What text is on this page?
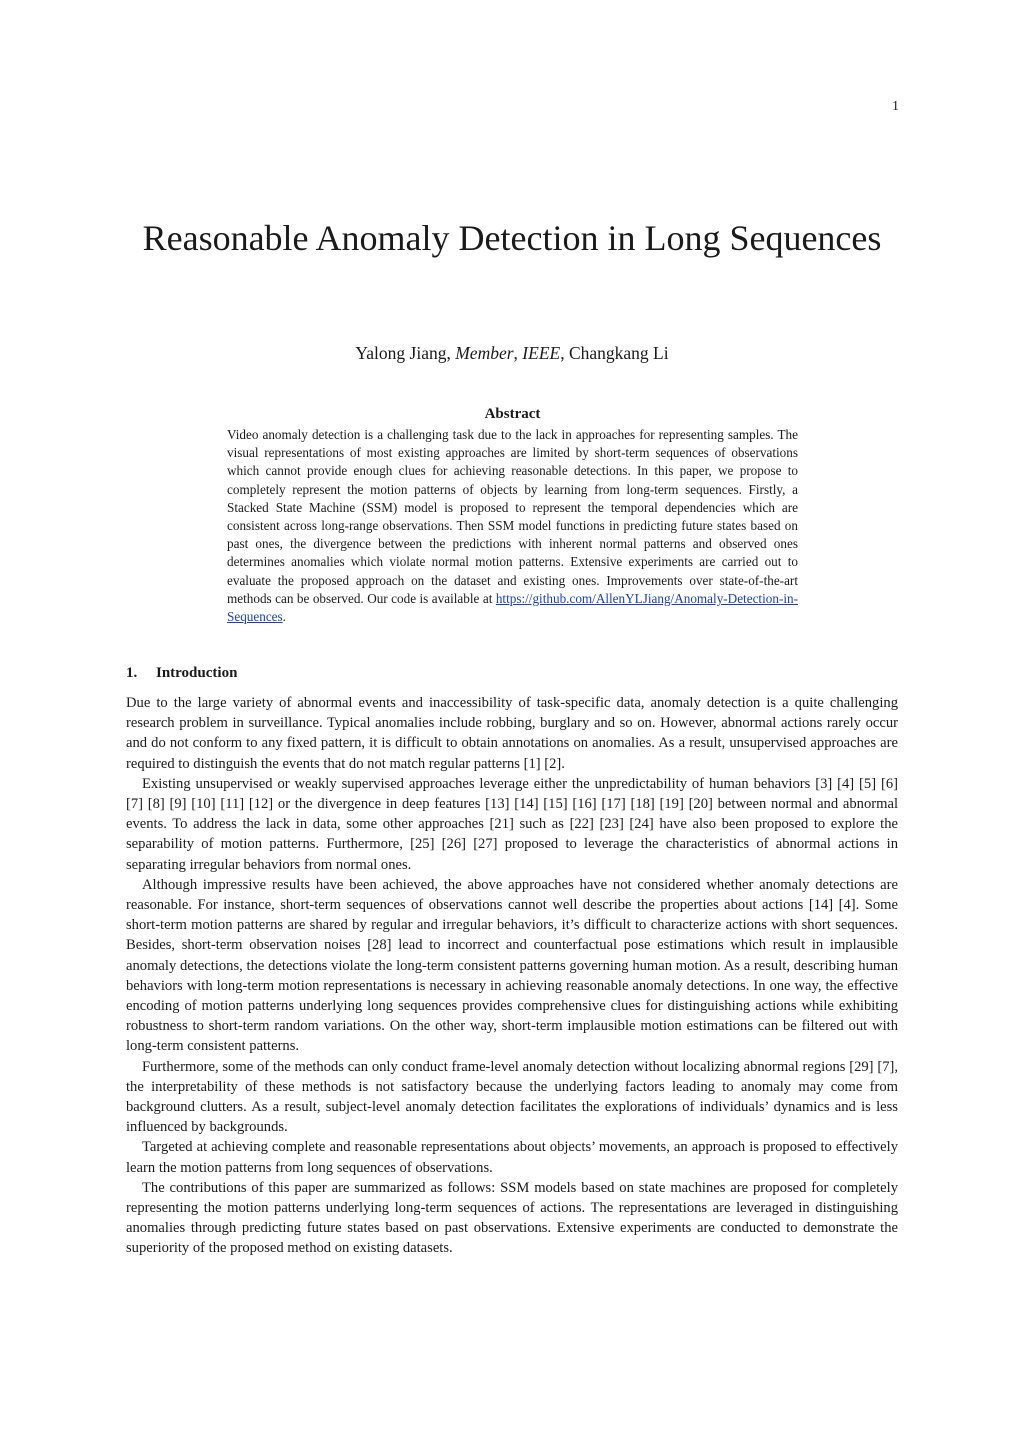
1
Reasonable Anomaly Detection in Long Sequences
Yalong Jiang, Member, IEEE, Changkang Li
Abstract
Video anomaly detection is a challenging task due to the lack in approaches for representing samples. The visual representations of most existing approaches are limited by short-term sequences of observations which cannot provide enough clues for achieving reasonable detections. In this paper, we propose to completely represent the motion patterns of objects by learning from long-term sequences. Firstly, a Stacked State Machine (SSM) model is proposed to represent the temporal dependencies which are consistent across long-range observations. Then SSM model functions in predicting future states based on past ones, the divergence between the predictions with inherent normal patterns and observed ones determines anomalies which violate normal motion patterns. Extensive experiments are carried out to evaluate the proposed approach on the dataset and existing ones. Improvements over state-of-the-art methods can be observed. Our code is available at https://github.com/AllenYLJiang/Anomaly-Detection-in-Sequences.
1. Introduction

Due to the large variety of abnormal events and inaccessibility of task-specific data, anomaly detection is a quite challenging research problem in surveillance. Typical anomalies include robbing, burglary and so on. However, abnormal actions rarely occur and do not conform to any fixed pattern, it is difficult to obtain annotations on anomalies. As a result, unsupervised approaches are required to distinguish the events that do not match regular patterns [1] [2].

Existing unsupervised or weakly supervised approaches leverage either the unpredictability of human behaviors [3] [4] [5] [6] [7] [8] [9] [10] [11] [12] or the divergence in deep features [13] [14] [15] [16] [17] [18] [19] [20] between normal and abnormal events. To address the lack in data, some other approaches [21] such as [22] [23] [24] have also been proposed to explore the separability of motion patterns. Furthermore, [25] [26] [27] proposed to leverage the characteristics of abnormal actions in separating irregular behaviors from normal ones.

Although impressive results have been achieved, the above approaches have not considered whether anomaly detections are reasonable. For instance, short-term sequences of observations cannot well describe the properties about actions [14] [4]. Some short-term motion patterns are shared by regular and irregular behaviors, it’s difficult to characterize actions with short sequences. Besides, short-term observation noises [28] lead to incorrect and counterfactual pose estimations which result in implausible anomaly detections, the detections violate the long-term consistent patterns governing human motion. As a result, describing human behaviors with long-term motion representations is necessary in achieving reasonable anomaly detections. In one way, the effective encoding of motion patterns underlying long sequences provides comprehensive clues for distinguishing actions while exhibiting robustness to short-term random variations. On the other way, short-term implausible motion estimations can be filtered out with long-term consistent patterns.

Furthermore, some of the methods can only conduct frame-level anomaly detection without localizing abnormal regions [29] [7], the interpretability of these methods is not satisfactory because the underlying factors leading to anomaly may come from background clutters. As a result, subject-level anomaly detection facilitates the explorations of individuals’ dynamics and is less influenced by backgrounds.

Targeted at achieving complete and reasonable representations about objects’ movements, an approach is proposed to effectively learn the motion patterns from long sequences of observations.

The contributions of this paper are summarized as follows: SSM models based on state machines are proposed for completely representing the motion patterns underlying long-term sequences of actions. The representations are leveraged in distinguishing anomalies through predicting future states based on past observations. Extensive experiments are conducted to demonstrate the superiority of the proposed method on existing datasets.
